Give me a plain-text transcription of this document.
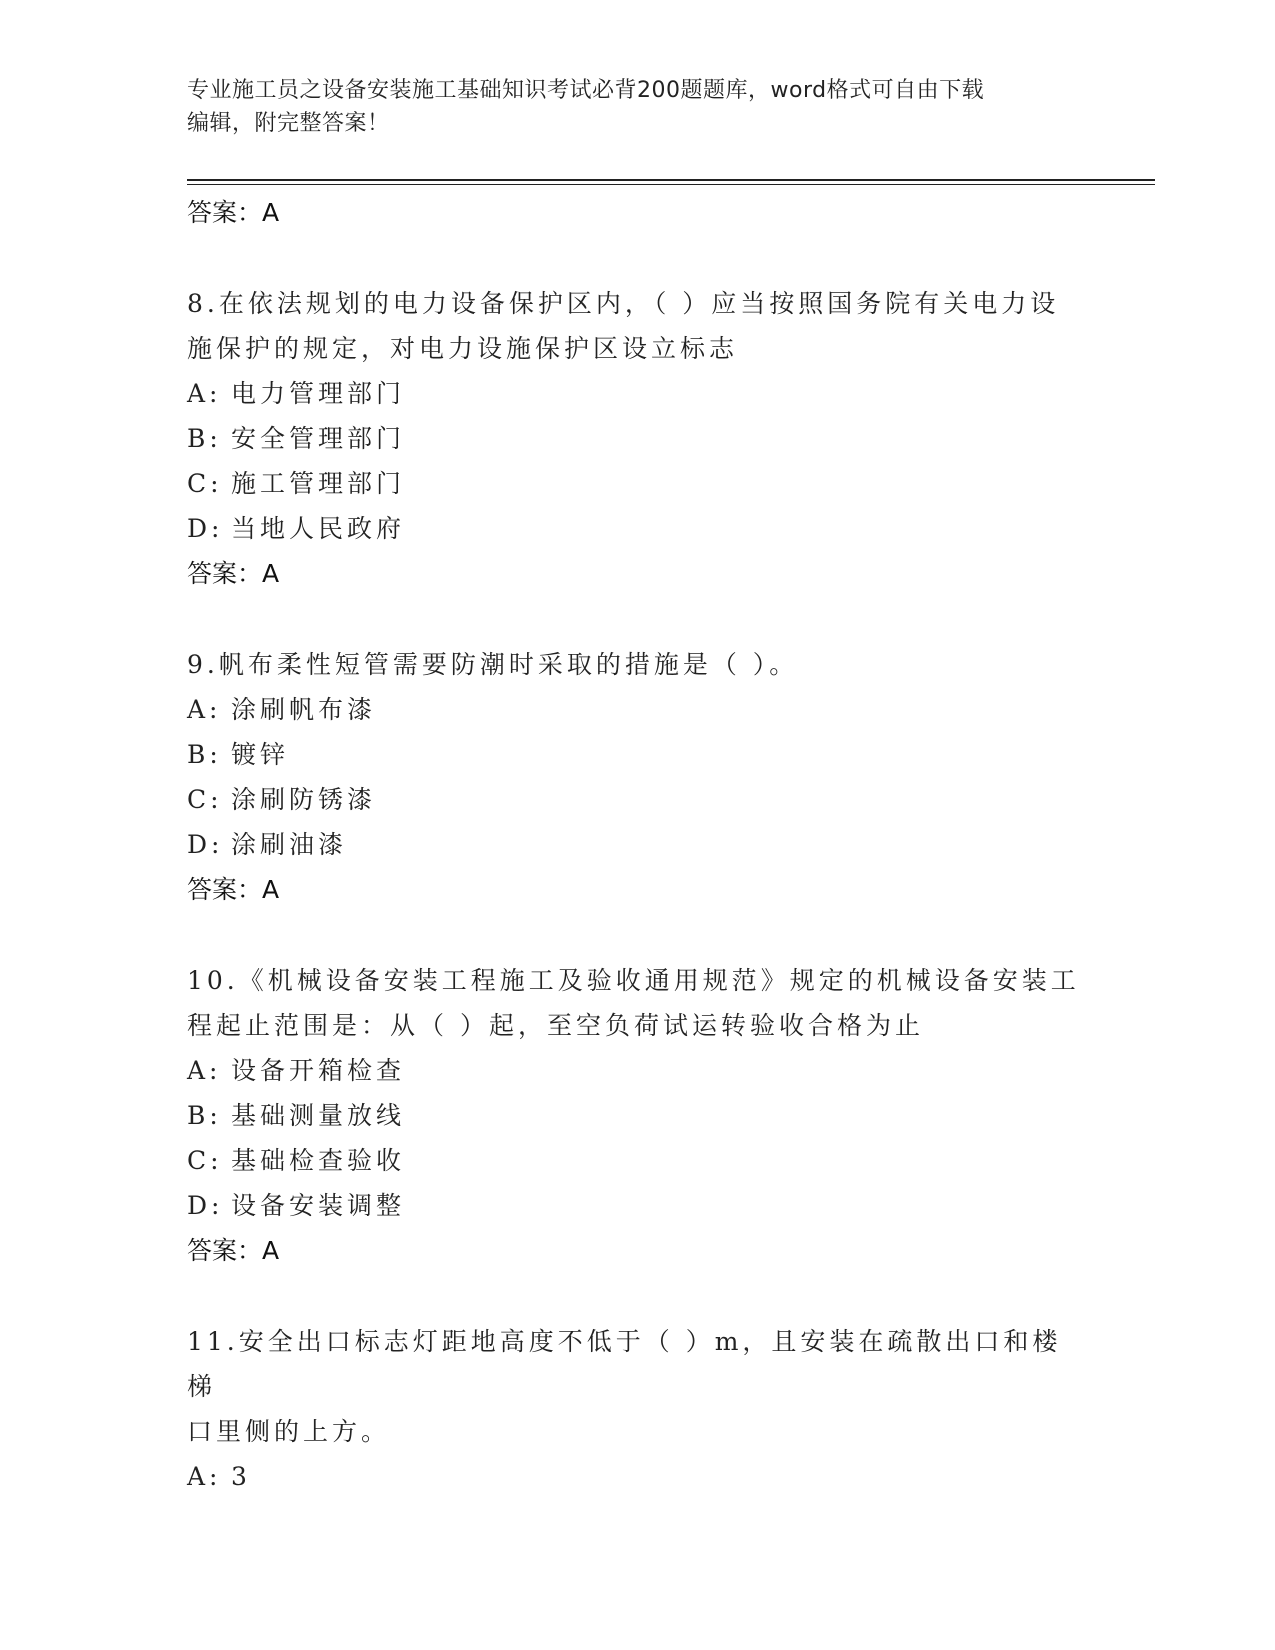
专业施工员之设备安装施工基础知识考试必背200题题库，word格式可自由下载
编辑，附完整答案！
答案：A
8.在依法规划的电力设备保护区内，（ ）应当按照国务院有关电力设
施保护的规定，对电力设施保护区设立标志
A: 电力管理部门
B: 安全管理部门
C: 施工管理部门
D: 当地人民政府
答案：A
9.帆布柔性短管需要防潮时采取的措施是（ ）。
A: 涂刷帆布漆
B: 镀锌
C: 涂刷防锈漆
D: 涂刷油漆
答案：A
10.《机械设备安装工程施工及验收通用规范》规定的机械设备安装工
程起止范围是：从（ ）起，至空负荷试运转验收合格为止
A: 设备开箱检查
B: 基础测量放线
C: 基础检查验收
D: 设备安装调整
答案：A
11.安全出口标志灯距地高度不低于（ ）m，且安装在疏散出口和楼梯
口里侧的上方。
A: 3
